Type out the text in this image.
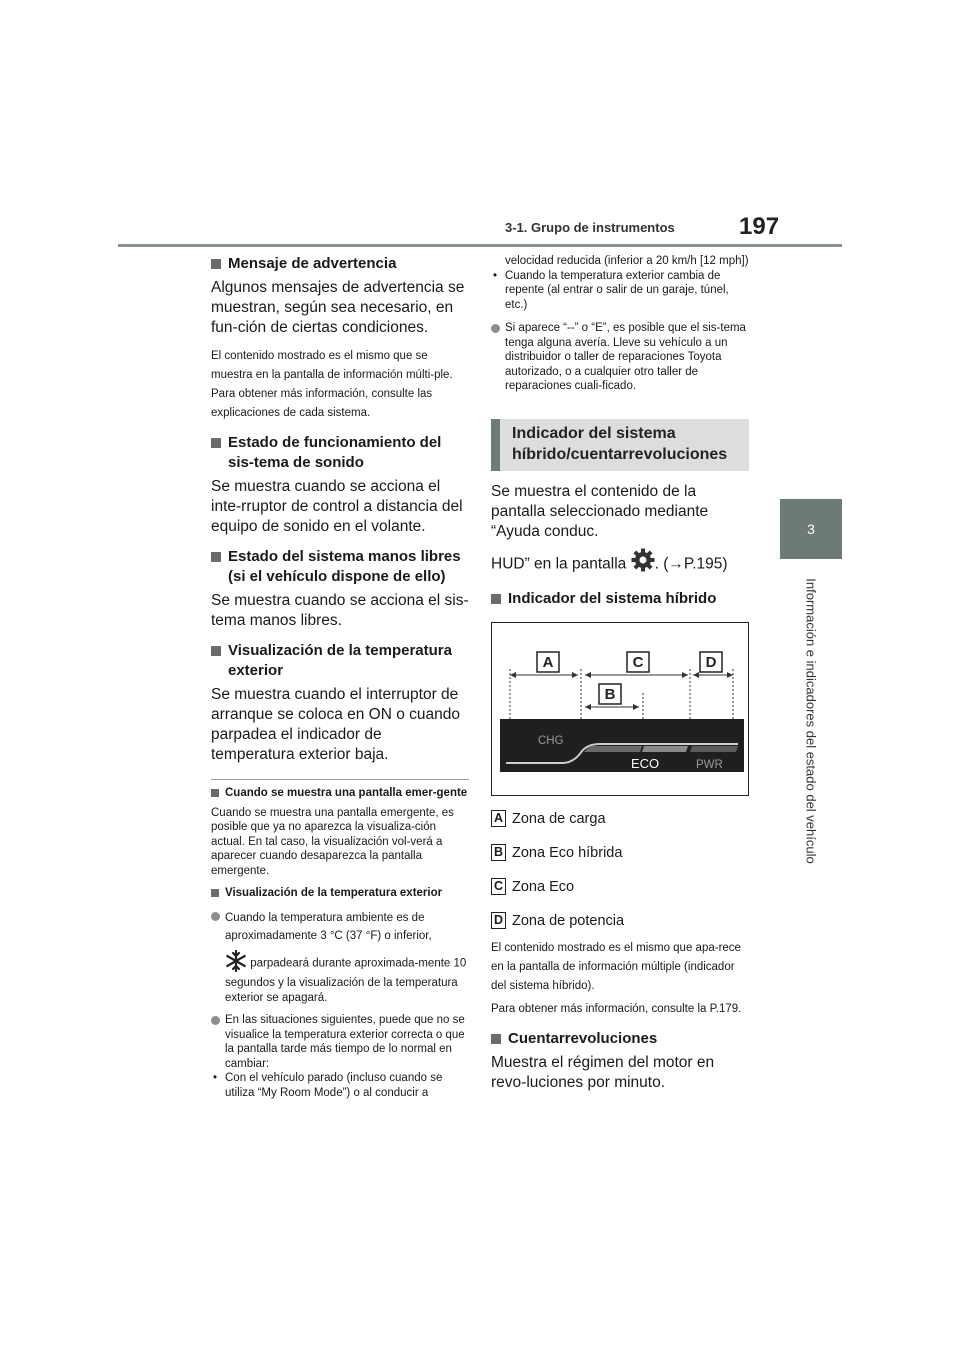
3-1. Grupo de instrumentos	197
3
Información e indicadores del estado del vehículo

Mensaje de advertencia

Algunos mensajes de advertencia se muestran, según sea necesario, en fun-ción de ciertas condiciones.

El contenido mostrado es el mismo que se muestra en la pantalla de información múlti-ple. Para obtener más información, consulte las explicaciones de cada sistema.

Estado de funcionamiento del sis-tema de sonido

Se muestra cuando se acciona el inte-rruptor de control a distancia del equipo de sonido en el volante.

Estado del sistema manos libres (si el vehículo dispone de ello)

Se muestra cuando se acciona el sis-tema manos libres.

Visualización de la temperatura exterior

Se muestra cuando el interruptor de arranque se coloca en ON o cuando parpadea el indicador de temperatura exterior baja.

Cuando se muestra una pantalla emer-gente

Cuando se muestra una pantalla emergente, es posible que ya no aparezca la visualiza-ción actual. En tal caso, la visualización vol-verá a aparecer cuando desaparezca la pantalla emergente.

Visualización de la temperatura exterior

Cuando la temperatura ambiente es de aproximadamente 3 °C (37 °F) o inferior,

parpadeará durante aproximada-mente 10 segundos y la visualización de la temperatura exterior se apagará.

En las situaciones siguientes, puede que no se visualice la temperatura exterior correcta o que la pantalla tarde más tiempo de lo normal en cambiar:

• Con el vehículo parado (incluso cuando se utiliza “My Room Mode”) o al conducir a

velocidad reducida (inferior a 20 km/h [12 mph])

• Cuando la temperatura exterior cambia de repente (al entrar o salir de un garaje, túnel, etc.)

Si aparece “--” o “E”, es posible que el sis-tema tenga alguna avería. Lleve su vehículo a un distribuidor o taller de reparaciones Toyota autorizado, o a cualquier otro taller de reparaciones cuali-ficado.

Indicador del sistema híbrido/cuentarrevoluciones

Se muestra el contenido de la pantalla seleccionado mediante “Ayuda conduc.

HUD” en la pantalla . (→P.195)

Indicador del sistema híbrido

A	C	D
B
CHG
ECO	PWR

A Zona de carga

B Zona Eco híbrida

C Zona Eco

D Zona de potencia

El contenido mostrado es el mismo que apa-rece en la pantalla de información múltiple (indicador del sistema híbrido).

Para obtener más información, consulte la P.179.

Cuentarrevoluciones

Muestra el régimen del motor en revo-luciones por minuto.
